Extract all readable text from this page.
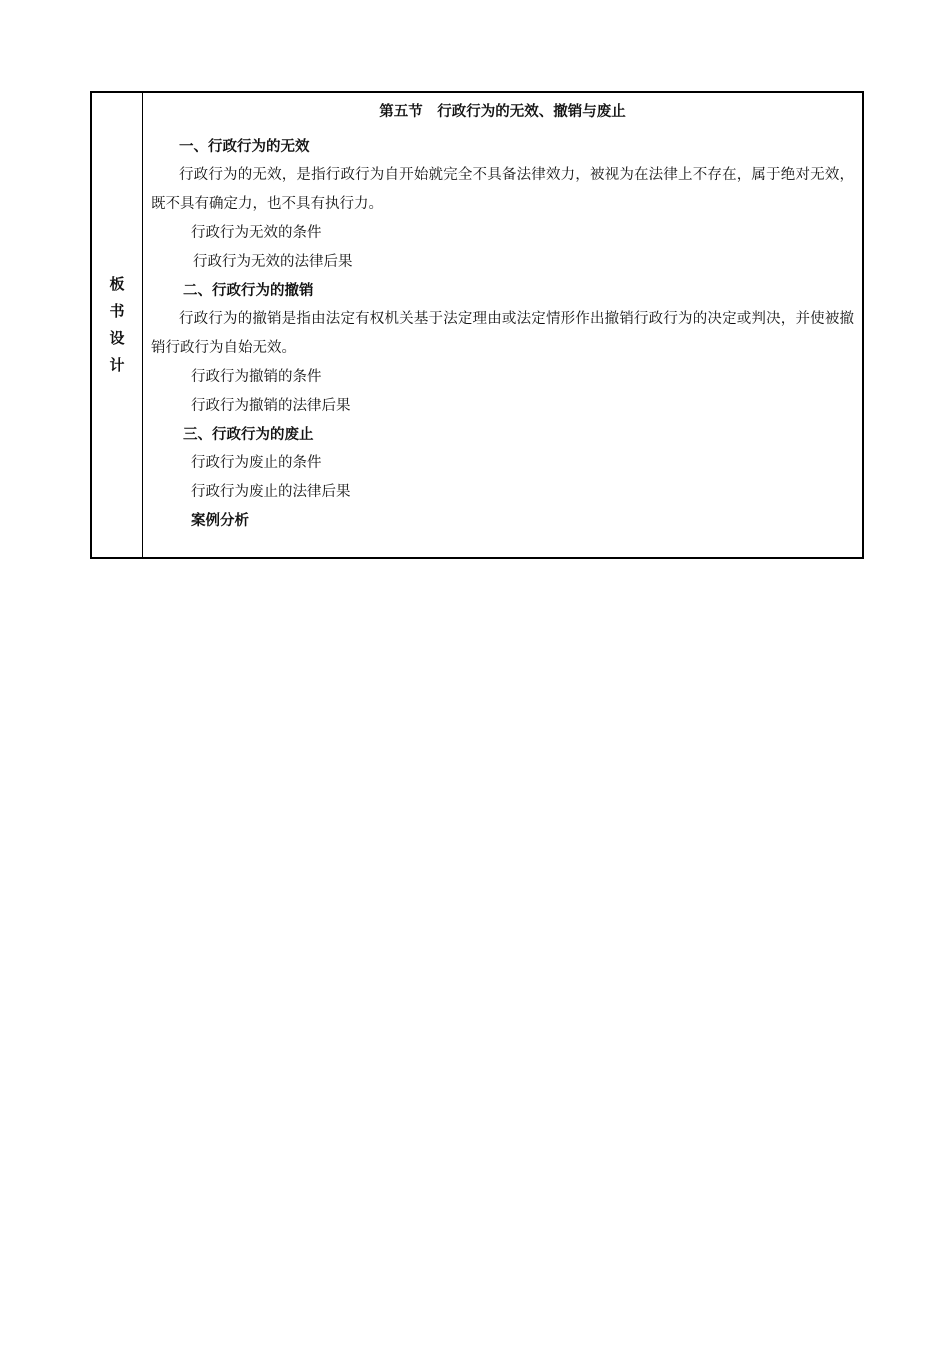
板书设计
第五节　行政行为的无效、撤销与废止
一、行政行为的无效
行政行为的无效，是指行政行为自开始就完全不具备法律效力，被视为在法律上不存在，属于绝对无效，既不具有确定力，也不具有执行力。
行政行为无效的条件
行政行为无效的法律后果
二、行政行为的撤销
行政行为的撤销是指由法定有权机关基于法定理由或法定情形作出撤销行政行为的决定或判决，并使被撤销行政行为自始无效。
行政行为撤销的条件
行政行为撤销的法律后果
三、行政行为的废止
行政行为废止的条件
行政行为废止的法律后果
案例分析
